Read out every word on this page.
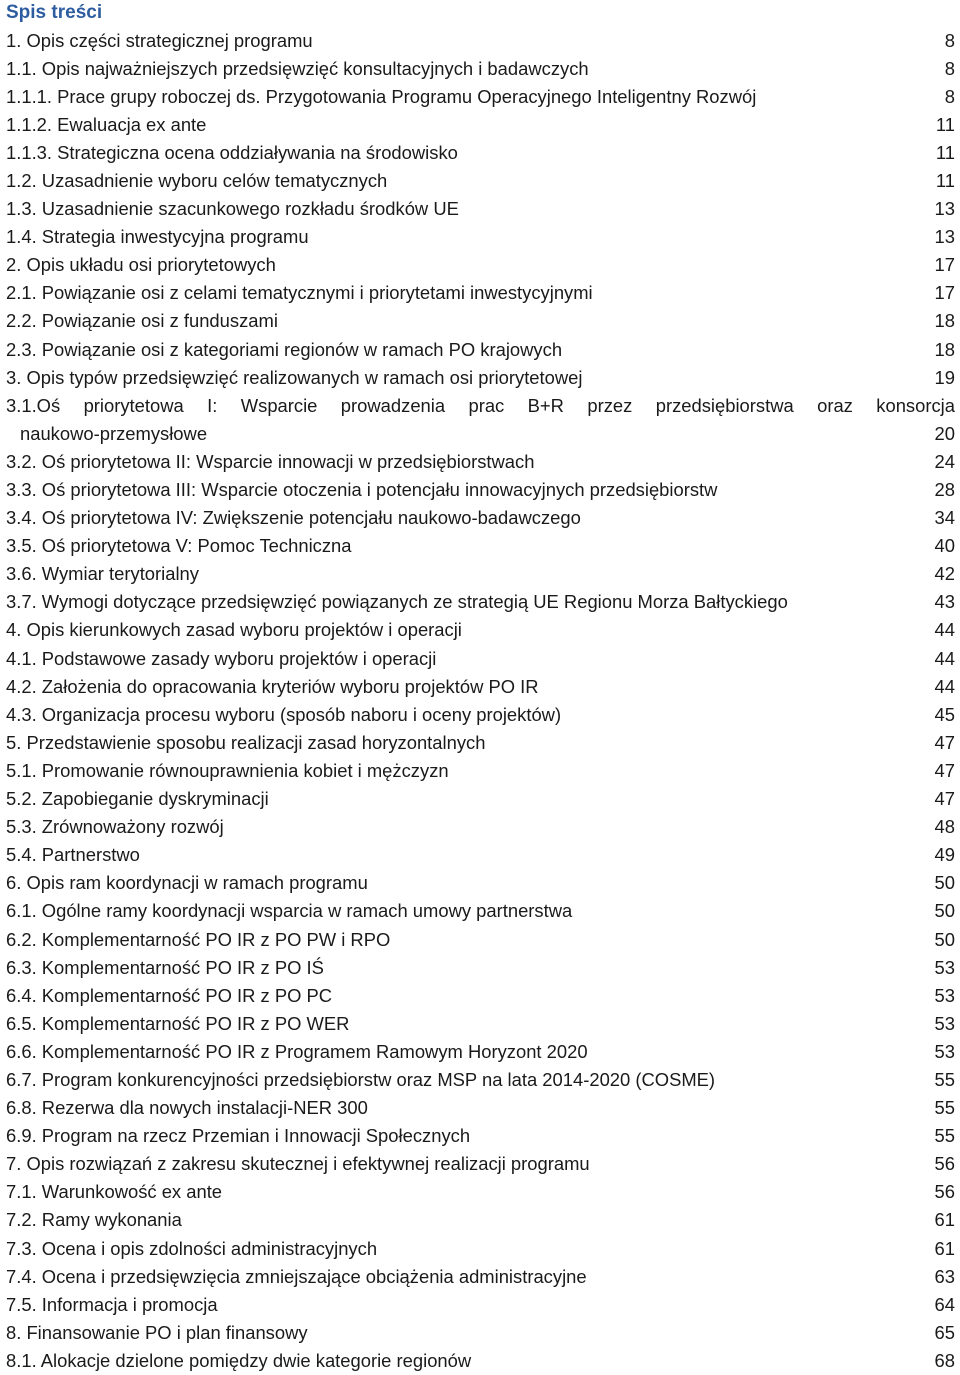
Spis treści
1. Opis części strategicznej programu	8
1.1. Opis najważniejszych przedsięwzięć konsultacyjnych i badawczych	8
1.1.1. Prace grupy roboczej ds. Przygotowania Programu Operacyjnego Inteligentny Rozwój	8
1.1.2. Ewaluacja ex ante	11
1.1.3. Strategiczna ocena oddziaływania na środowisko	11
1.2. Uzasadnienie wyboru celów tematycznych	11
1.3. Uzasadnienie szacunkowego rozkładu środków UE	13
1.4. Strategia inwestycyjna programu	13
2. Opis układu osi priorytetowych	17
2.1. Powiązanie osi z celami tematycznymi i priorytetami inwestycyjnymi	17
2.2. Powiązanie osi z funduszami	18
2.3. Powiązanie osi z kategoriami regionów w ramach PO krajowych	18
3. Opis typów przedsięwzięć realizowanych w ramach osi priorytetowej	19
3.1.Oś priorytetowa I: Wsparcie prowadzenia prac B+R przez przedsiębiorstwa oraz konsorcja
naukowo-przemysłowe	20
3.2. Oś priorytetowa II: Wsparcie innowacji w przedsiębiorstwach	24
3.3. Oś priorytetowa III: Wsparcie otoczenia i potencjału innowacyjnych przedsiębiorstw	28
3.4. Oś priorytetowa IV: Zwiększenie potencjału naukowo-badawczego	34
3.5. Oś priorytetowa V: Pomoc Techniczna	40
3.6. Wymiar terytorialny	42
3.7. Wymogi dotyczące przedsięwzięć powiązanych ze strategią UE Regionu Morza Bałtyckiego	43
4. Opis kierunkowych zasad wyboru projektów i operacji	44
4.1. Podstawowe zasady wyboru projektów i operacji	44
4.2. Założenia do opracowania kryteriów wyboru projektów PO IR	44
4.3. Organizacja procesu wyboru (sposób naboru i oceny projektów)	45
5. Przedstawienie sposobu realizacji zasad horyzontalnych	47
5.1. Promowanie równouprawnienia kobiet i mężczyzn	47
5.2. Zapobieganie dyskryminacji	47
5.3. Zrównoważony rozwój	48
5.4. Partnerstwo	49
6. Opis ram koordynacji w ramach programu	50
6.1. Ogólne ramy koordynacji wsparcia w ramach umowy partnerstwa	50
6.2. Komplementarność PO IR z PO PW i RPO	50
6.3. Komplementarność PO IR z PO IŚ	53
6.4. Komplementarność PO IR z PO PC	53
6.5. Komplementarność PO IR z PO WER	53
6.6. Komplementarność PO IR z Programem Ramowym Horyzont 2020	53
6.7. Program konkurencyjności przedsiębiorstw oraz MSP na lata 2014-2020 (COSME)	55
6.8. Rezerwa dla nowych instalacji-NER 300	55
6.9. Program na rzecz Przemian i Innowacji Społecznych	55
7. Opis rozwiązań z zakresu skutecznej i efektywnej realizacji programu	56
7.1. Warunkowość ex ante	56
7.2. Ramy wykonania	61
7.3. Ocena i opis zdolności administracyjnych	61
7.4. Ocena i przedsięwzięcia zmniejszające obciążenia administracyjne	63
7.5. Informacja i promocja	64
8. Finansowanie PO i plan finansowy	65
8.1. Alokacje dzielone pomiędzy dwie kategorie regionów	68
